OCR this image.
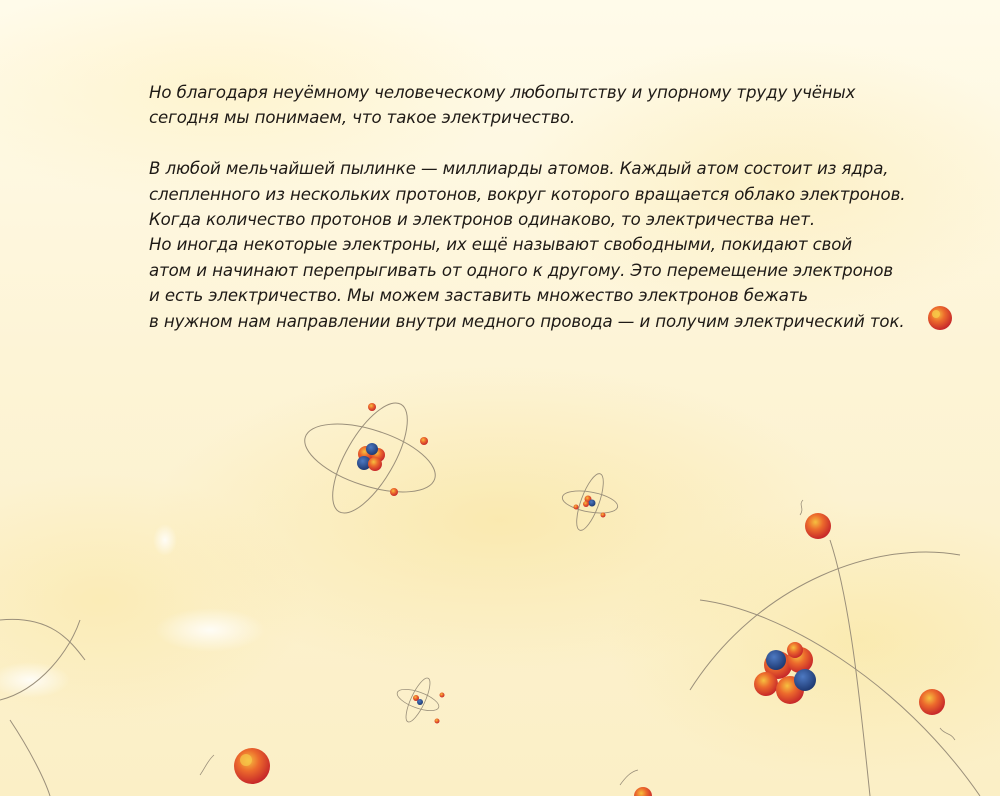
Но благодаря неуёмному человеческому любопытству и упорному труду учёных
сегодня мы понимаем, что такое электричество.

В любой мельчайшей пылинке — миллиарды атомов. Каждый атом состоит из ядра,
слепленного из нескольких протонов, вокруг которого вращается облако электронов.
Когда количество протонов и электронов одинаково, то электричества нет.
Но иногда некоторые электроны, их ещё называют свободными, покидают свой
атом и начинают перепрыгивать от одного к другому. Это перемещение электронов
и есть электричество. Мы можем заставить множество электронов бежать
в нужном нам направлении внутри медного провода — и получим электрический ток.
